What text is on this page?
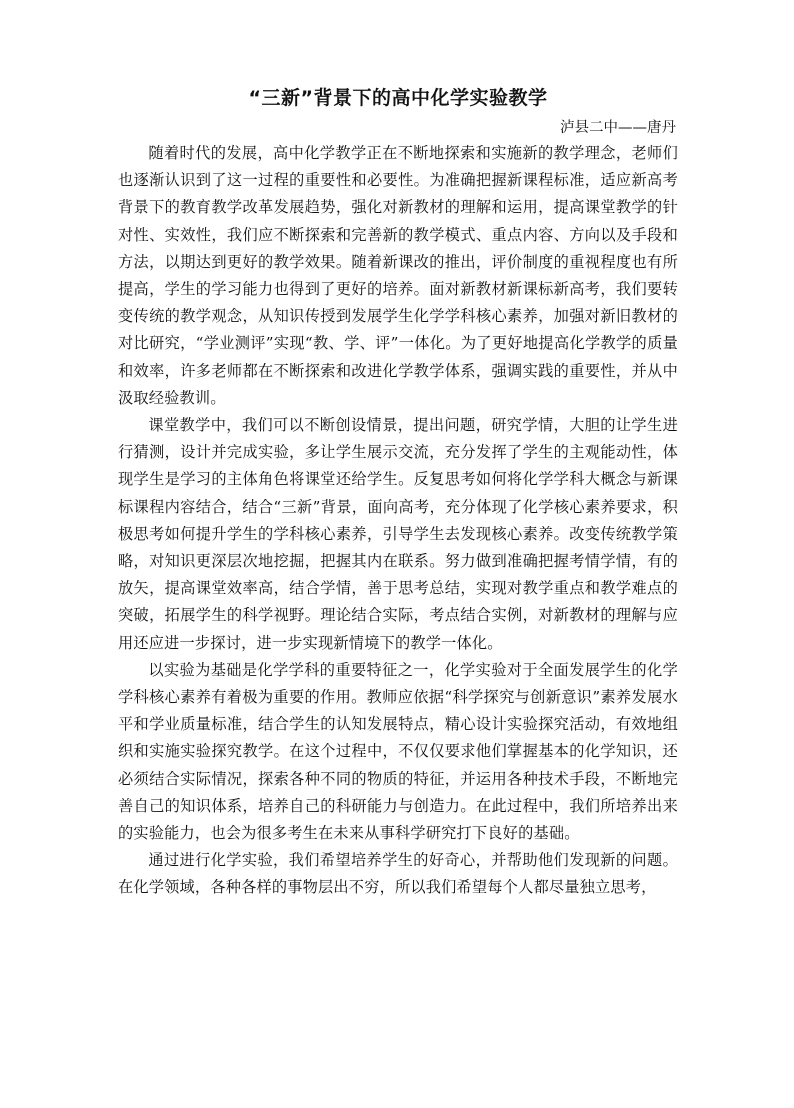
“三新”背景下的高中化学实验教学

泸县二中——唐丹

随着时代的发展，高中化学教学正在不断地探索和实施新的教学理念，老师们也逐渐认识到了这一过程的重要性和必要性。为准确把握新课程标准，适应新高考背景下的教育教学改革发展趋势，强化对新教材的理解和运用，提高课堂教学的针对性、实效性，我们应不断探索和完善新的教学模式、重点内容、方向以及手段和方法，以期达到更好的教学效果。随着新课改的推出，评价制度的重视程度也有所提高，学生的学习能力也得到了更好的培养。面对新教材新课标新高考，我们要转变传统的教学观念，从知识传授到发展学生化学学科核心素养，加强对新旧教材的对比研究，“学业测评”实现“教、学、评”一体化。为了更好地提高化学教学的质量和效率，许多老师都在不断探索和改进化学教学体系，强调实践的重要性，并从中汲取经验教训。

课堂教学中，我们可以不断创设情景，提出问题，研究学情，大胆的让学生进行猜测，设计并完成实验，多让学生展示交流，充分发挥了学生的主观能动性，体现学生是学习的主体角色将课堂还给学生。反复思考如何将化学学科大概念与新课标课程内容结合，结合“三新”背景，面向高考，充分体现了化学核心素养要求，积极思考如何提升学生的学科核心素养，引导学生去发现核心素养。改变传统教学策略，对知识更深层次地挖掘，把握其内在联系。努力做到准确把握考情学情，有的放矢，提高课堂效率高，结合学情，善于思考总结，实现对教学重点和教学难点的突破，拓展学生的科学视野。理论结合实际，考点结合实例，对新教材的理解与应用还应进一步探讨，进一步实现新情境下的教学一体化。

以实验为基础是化学学科的重要特征之一，化学实验对于全面发展学生的化学学科核心素养有着极为重要的作用。教师应依据“科学探究与创新意识”素养发展水平和学业质量标准，结合学生的认知发展特点，精心设计实验探究活动，有效地组织和实施实验探究教学。在这个过程中，不仅仅要求他们掌握基本的化学知识，还必须结合实际情况，探索各种不同的物质的特征，并运用各种技术手段，不断地完善自己的知识体系，培养自己的科研能力与创造力。在此过程中，我们所培养出来的实验能力，也会为很多考生在未来从事科学研究打下良好的基础。

通过进行化学实验，我们希望培养学生的好奇心，并帮助他们发现新的问题。在化学领域，各种各样的事物层出不穷，所以我们希望每个人都尽量独立思考，
